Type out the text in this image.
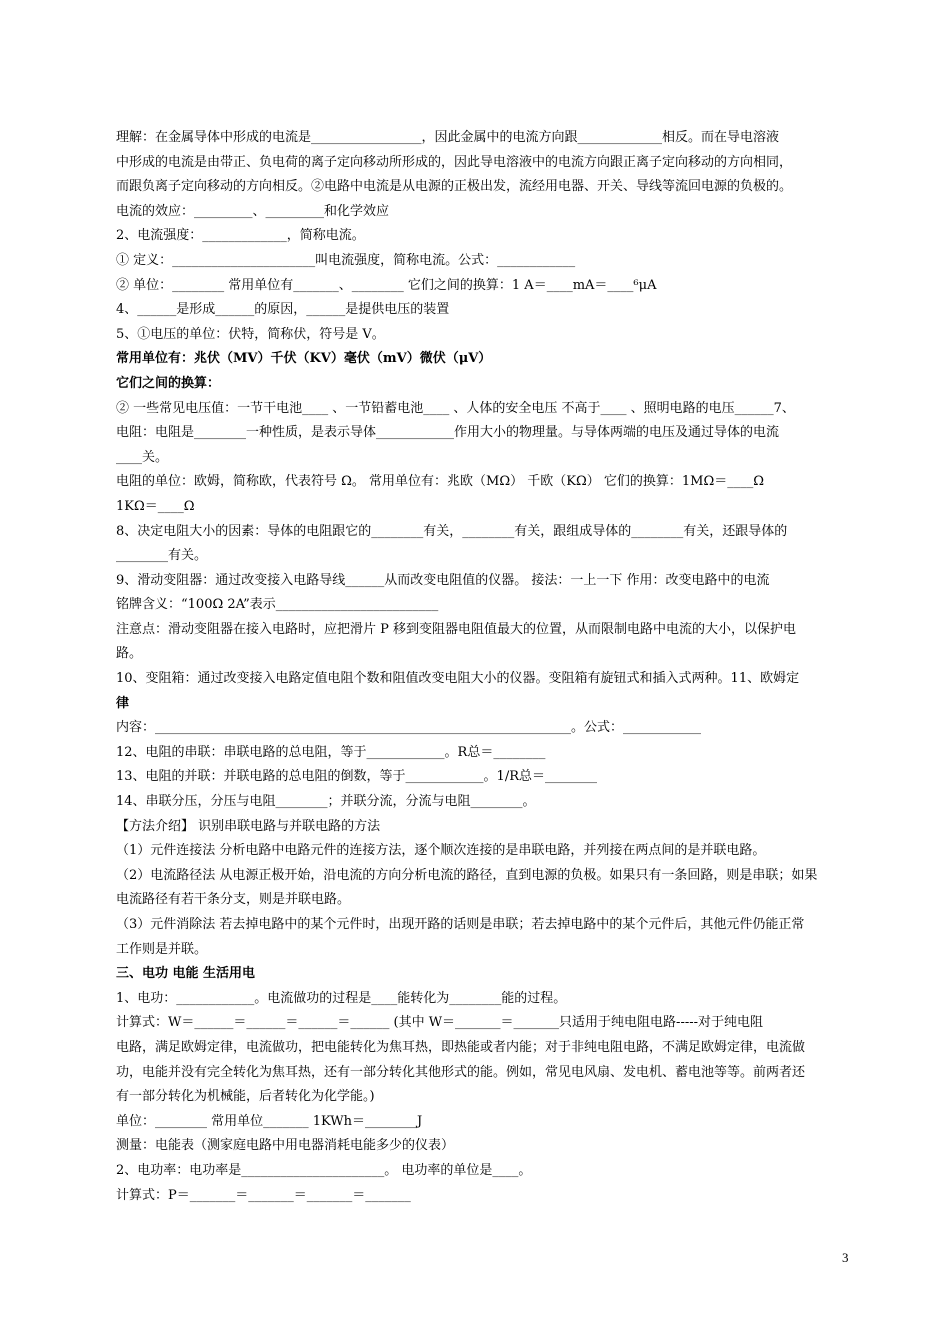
理解：在金属导体中形成的电流是_________________，因此金属中的电流方向跟_____________相反。而在导电溶液
中形成的电流是由带正、负电荷的离子定向移动所形成的，因此导电溶液中的电流方向跟正离子定向移动的方向相同，
而跟负离子定向移动的方向相反。②电路中电流是从电源的正极出发，流经用电器、开关、导线等流回电源的负极的。
电流的效应：_________、_________和化学效应
2、电流强度：_____________，简称电流。
① 定义：______________________叫电流强度，简称电流。公式：____________
② 单位：________ 常用单位有_______、________ 它们之间的换算：1 A＝____mA＝____⁶μA
4、______是形成______的原因，______是提供电压的装置
5、①电压的单位：伏特，简称伏，符号是 V。
常用单位有：兆伏（MV）千伏（KV）毫伏（mV）微伏（μV）
它们之间的换算：
② 一些常见电压值：一节干电池____ 、一节铅蓄电池____ 、人体的安全电压 不高于____ 、照明电路的电压______7、
电阻：电阻是________一种性质，是表示导体____________作用大小的物理量。与导体两端的电压及通过导体的电流
____关。
电阻的单位：欧姆，简称欧，代表符号 Ω。 常用单位有：兆欧（MΩ） 千欧（KΩ） 它们的换算：1MΩ＝____Ω
1KΩ＝____Ω
8、决定电阻大小的因素：导体的电阻跟它的________有关，________有关，跟组成导体的________有关，还跟导体的
________有关。
9、滑动变阻器：通过改变接入电路导线______从而改变电阻值的仪器。 接法：一上一下 作用：改变电路中的电流
铭牌含义：“100Ω 2A”表示_________________________
注意点：滑动变阻器在接入电路时，应把滑片 P 移到变阻器电阻值最大的位置，从而限制电路中电流的大小，以保护电
路。
10、变阻箱：通过改变接入电路定值电阻个数和阻值改变电阻大小的仪器。变阻箱有旋钮式和插入式两种。11、欧姆定
律
内容：________________________________________________________________。公式：____________
12、电阻的串联：串联电路的总电阻，等于____________。R总＝________
13、电阻的并联：并联电路的总电阻的倒数，等于____________。1/R总＝________
14、串联分压，分压与电阻________；并联分流，分流与电阻________。
【方法介绍】 识别串联电路与并联电路的方法
（1）元件连接法 分析电路中电路元件的连接方法，逐个顺次连接的是串联电路，并列接在两点间的是并联电路。
（2）电流路径法 从电源正极开始，沿电流的方向分析电流的路径，直到电源的负极。如果只有一条回路，则是串联；如果
电流路径有若干条分支，则是并联电路。
（3）元件消除法 若去掉电路中的某个元件时，出现开路的话则是串联；若去掉电路中的某个元件后，其他元件仍能正常
工作则是并联。
三、电功 电能 生活用电
1、电功：____________。电流做功的过程是____能转化为________能的过程。
计算式：W＝______＝______＝______＝______ (其中 W＝_______＝_______只适用于纯电阻电路-----对于纯电阻
电路，满足欧姆定律，电流做功，把电能转化为焦耳热，即热能或者内能；对于非纯电阻电路，不满足欧姆定律，电流做
功，电能并没有完全转化为焦耳热，还有一部分转化其他形式的能。例如，常见电风扇、发电机、蓄电池等等。前两者还
有一部分转化为机械能，后者转化为化学能。)
单位：________ 常用单位_______ 1KWh＝________J
测量：电能表（测家庭电路中用电器消耗电能多少的仪表）
2、电功率：电功率是______________________。 电功率的单位是____。
计算式：P＝_______＝_______＝_______＝_______
3
